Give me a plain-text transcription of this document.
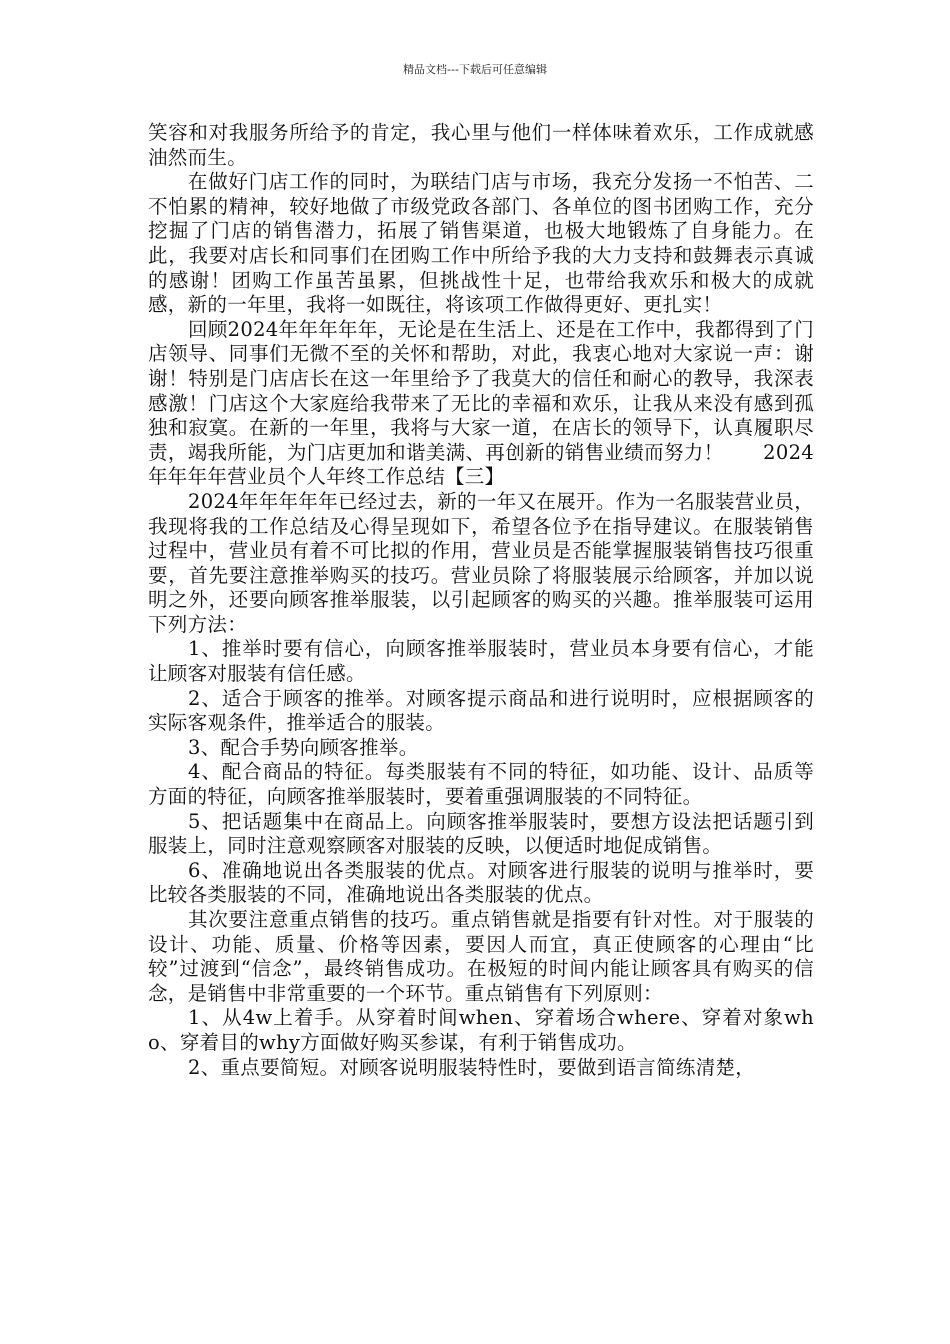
精品文档---下载后可任意编辑

笑容和对我服务所给予的肯定，我心里与他们一样体味着欢乐，工作成就感油然而生。

在做好门店工作的同时，为联结门店与市场，我充分发扬一不怕苦、二不怕累的精神，较好地做了市级党政各部门、各单位的图书团购工作，充分挖掘了门店的销售潜力，拓展了销售渠道，也极大地锻炼了自身能力。在此，我要对店长和同事们在团购工作中所给予我的大力支持和鼓舞表示真诚的感谢！团购工作虽苦虽累，但挑战性十足，也带给我欢乐和极大的成就感，新的一年里，我将一如既往，将该项工作做得更好、更扎实！

回顾2024年年年年年，无论是在生活上、还是在工作中，我都得到了门店领导、同事们无微不至的关怀和帮助，对此，我衷心地对大家说一声：谢谢！特别是门店店长在这一年里给予了我莫大的信任和耐心的教导，我深表感激！门店这个大家庭给我带来了无比的幸福和欢乐，让我从来没有感到孤独和寂寞。在新的一年里，我将与大家一道，在店长的领导下，认真履职尽责，竭我所能，为门店更加和谐美满、再创新的销售业绩而努力！　　2024年年年年营业员个人年终工作总结【三】

2024年年年年年已经过去，新的一年又在展开。作为一名服装营业员，我现将我的工作总结及心得呈现如下，希望各位予在指导建议。在服装销售过程中，营业员有着不可比拟的作用，营业员是否能掌握服装销售技巧很重要，首先要注意推举购买的技巧。营业员除了将服装展示给顾客，并加以说明之外，还要向顾客推举服装，以引起顾客的购买的兴趣。推举服装可运用下列方法：

1、推举时要有信心，向顾客推举服装时，营业员本身要有信心，才能让顾客对服装有信任感。

2、适合于顾客的推举。对顾客提示商品和进行说明时，应根据顾客的实际客观条件，推举适合的服装。

3、配合手势向顾客推举。

4、配合商品的特征。每类服装有不同的特征，如功能、设计、品质等方面的特征，向顾客推举服装时，要着重强调服装的不同特征。

5、把话题集中在商品上。向顾客推举服装时，要想方设法把话题引到服装上，同时注意观察顾客对服装的反映，以便适时地促成销售。

6、准确地说出各类服装的优点。对顾客进行服装的说明与推举时，要比较各类服装的不同，准确地说出各类服装的优点。

其次要注意重点销售的技巧。重点销售就是指要有针对性。对于服装的设计、功能、质量、价格等因素，要因人而宜，真正使顾客的心理由“比较”过渡到“信念”，最终销售成功。在极短的时间内能让顾客具有购买的信念，是销售中非常重要的一个环节。重点销售有下列原则：

1、从4w上着手。从穿着时间when、穿着场合where、穿着对象who、穿着目的why方面做好购买参谋，有利于销售成功。

2、重点要简短。对顾客说明服装特性时，要做到语言简练清楚，
